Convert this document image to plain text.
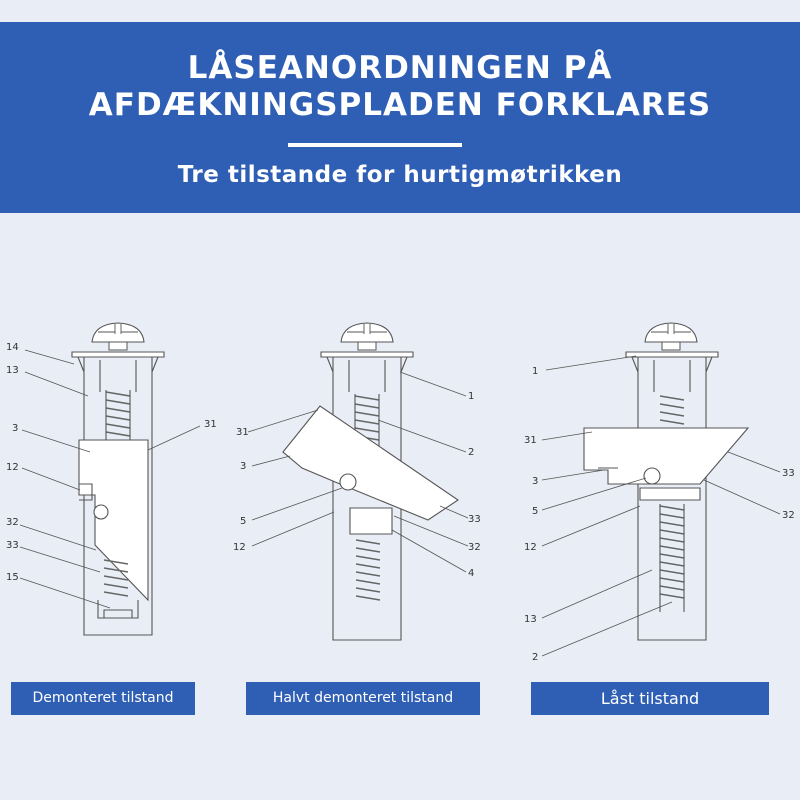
LÅSEANORDNINGEN PÅ
AFDÆKNINGSPLADEN FORKLARES
Tre tilstande for hurtigmøtrikken
14
13
3
12
32
33
15
31
31
3
5
12
1
2
33
32
4
1
31
3
5
12
13
2
33
32
Demonteret tilstand	Halvt demonteret tilstand	Låst tilstand
